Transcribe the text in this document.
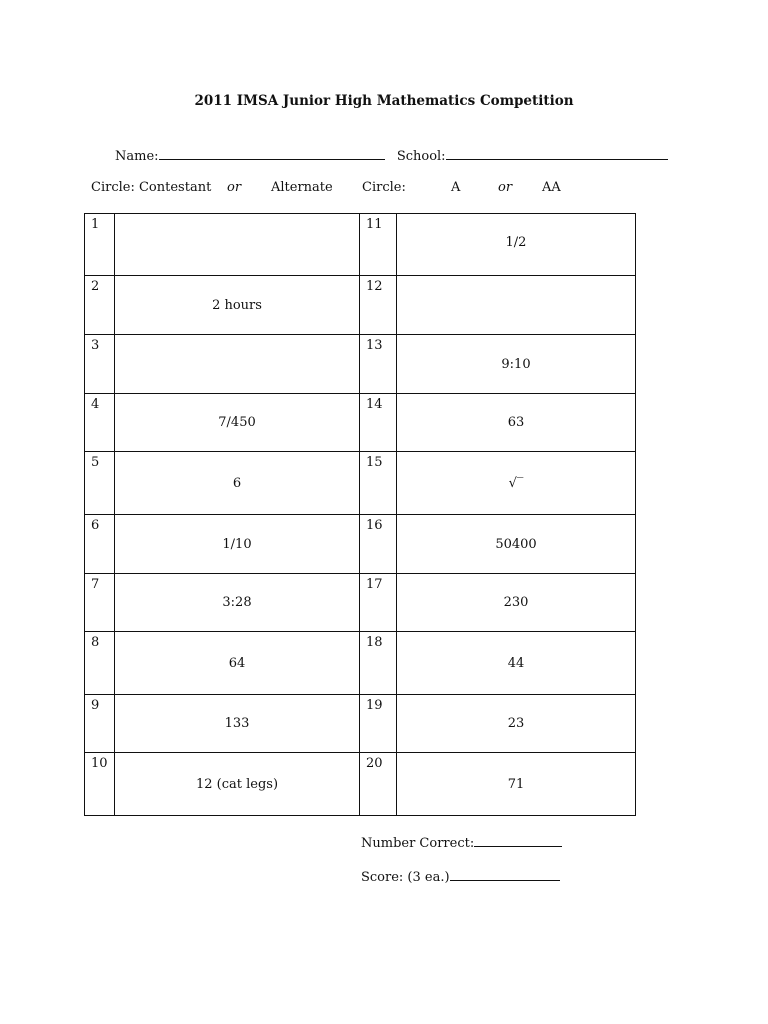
2011 IMSA Junior High Mathematics Competition
Name:	School:
Circle: Contestant or Alternate Circle:	A	or AA
1		11	1/2
2	2 hours	12	
3		13	9:10
4	7/450	14	63
5	6	15	√‾
6	1/10	16	50400
7	3:28	17	230
8	64	18	44
9	133	19	23
10	12 (cat legs)	20	71
Number Correct:
Score: (3 ea.)
